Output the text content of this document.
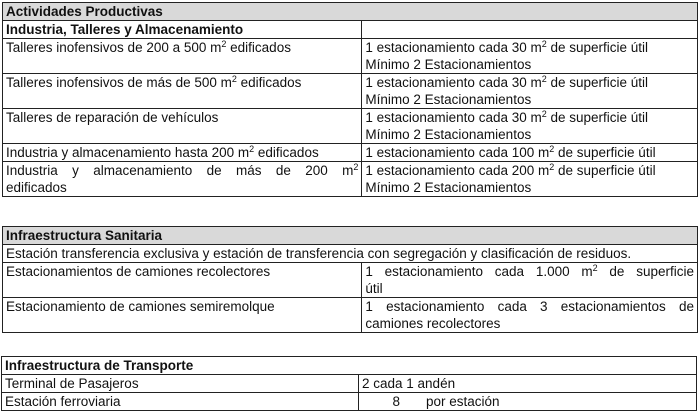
Actividades Productivas	
Industria, Talleres y Almacenamiento	
Talleres inofensivos de 200 a 500 $m^2$ edificados	1 estacionamiento cada 30 $m^2$ de superficie útil
Mínimo 2 Estacionamientos
Talleres inofensivos de más de 500 $m^2$ edificados	1 estacionamiento cada 30 $m^2$ de superficie útil
Mínimo 2 Estacionamientos
Talleres de reparación de vehículos	1 estacionamiento cada 30 $m^2$ de superficie útil
Mínimo 2 Estacionamientos
Industria y almacenamiento hasta 200 $m^2$ edificados	1 estacionamiento cada 100 $m^2$ de superficie útil

Industria y almacenamiento de más de 200 $m^2$
edificados	1 estacionamiento cada 200 $m^2$ de superficie útil
Mínimo 2 Estacionamientos
Infraestructura Sanitaria	
Estación transferencia exclusiva y estación de transferencia con segregación y clasificación de residuos.	
Estacionamientos de camiones recolectores	1 estacionamiento cada 1.000 $m^2$ de superficie
útil
Estacionamiento de camiones semiremolque	1 estacionamiento cada 3 estacionamientos de
camiones recolectores
Infraestructura de Transporte	
Terminal de Pasajeros	2 cada 1 andén
Estación ferroviaria	8 por estación
